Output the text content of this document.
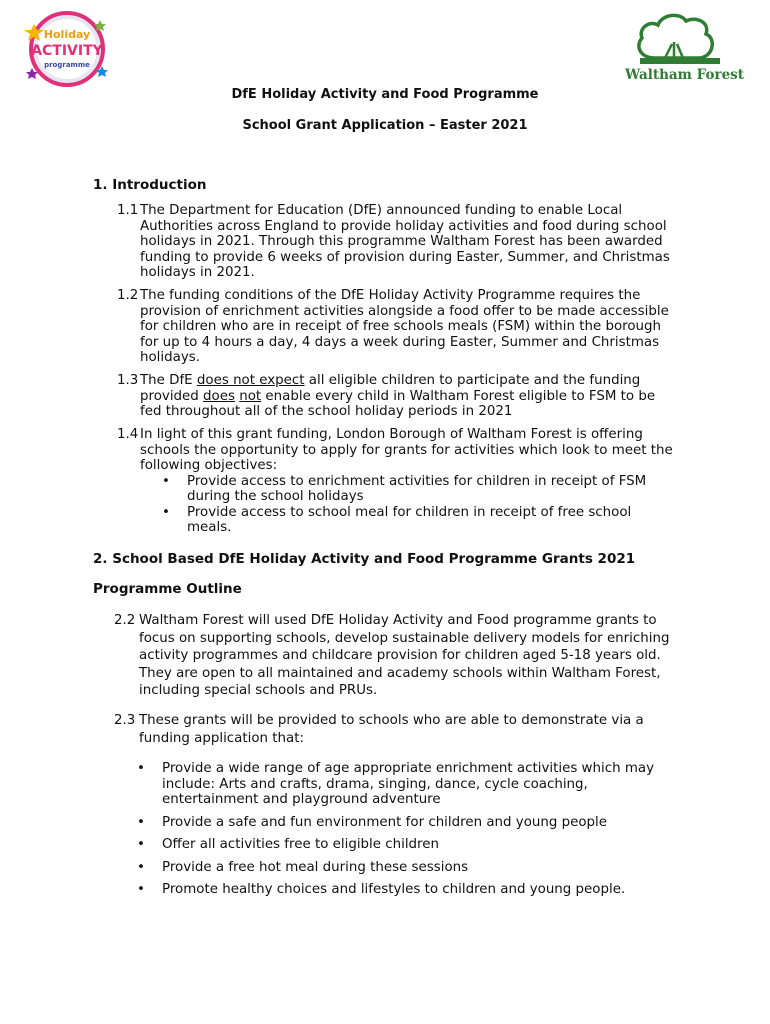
Holiday
ACTIVITY
programme
Waltham Forest
DfE Holiday Activity and Food Programme
School Grant Application – Easter 2021
1. Introduction
1.1 The Department for Education (DfE) announced funding to enable Local Authorities across England to provide holiday activities and food during school holidays in 2021. Through this programme Waltham Forest has been awarded funding to provide 6 weeks of provision during Easter, Summer, and Christmas holidays in 2021.
1.2 The funding conditions of the DfE Holiday Activity Programme requires the provision of enrichment activities alongside a food offer to be made accessible for children who are in receipt of free schools meals (FSM) within the borough for up to 4 hours a day, 4 days a week during Easter, Summer and Christmas holidays.
1.3 The DfE does not expect all eligible children to participate and the funding provided does not enable every child in Waltham Forest eligible to FSM to be fed throughout all of the school holiday periods in 2021
1.4 In light of this grant funding, London Borough of Waltham Forest is offering schools the opportunity to apply for grants for activities which look to meet the following objectives:
• Provide access to enrichment activities for children in receipt of FSM during the school holidays
• Provide access to school meal for children in receipt of free school meals.
2. School Based DfE Holiday Activity and Food Programme Grants 2021
Programme Outline
2.2 Waltham Forest will used DfE Holiday Activity and Food programme grants to focus on supporting schools, develop sustainable delivery models for enriching activity programmes and childcare provision for children aged 5-18 years old. They are open to all maintained and academy schools within Waltham Forest, including special schools and PRUs.
2.3 These grants will be provided to schools who are able to demonstrate via a funding application that:
• Provide a wide range of age appropriate enrichment activities which may include: Arts and crafts, drama, singing, dance, cycle coaching, entertainment and playground adventure
• Provide a safe and fun environment for children and young people
• Offer all activities free to eligible children
• Provide a free hot meal during these sessions
• Promote healthy choices and lifestyles to children and young people.
